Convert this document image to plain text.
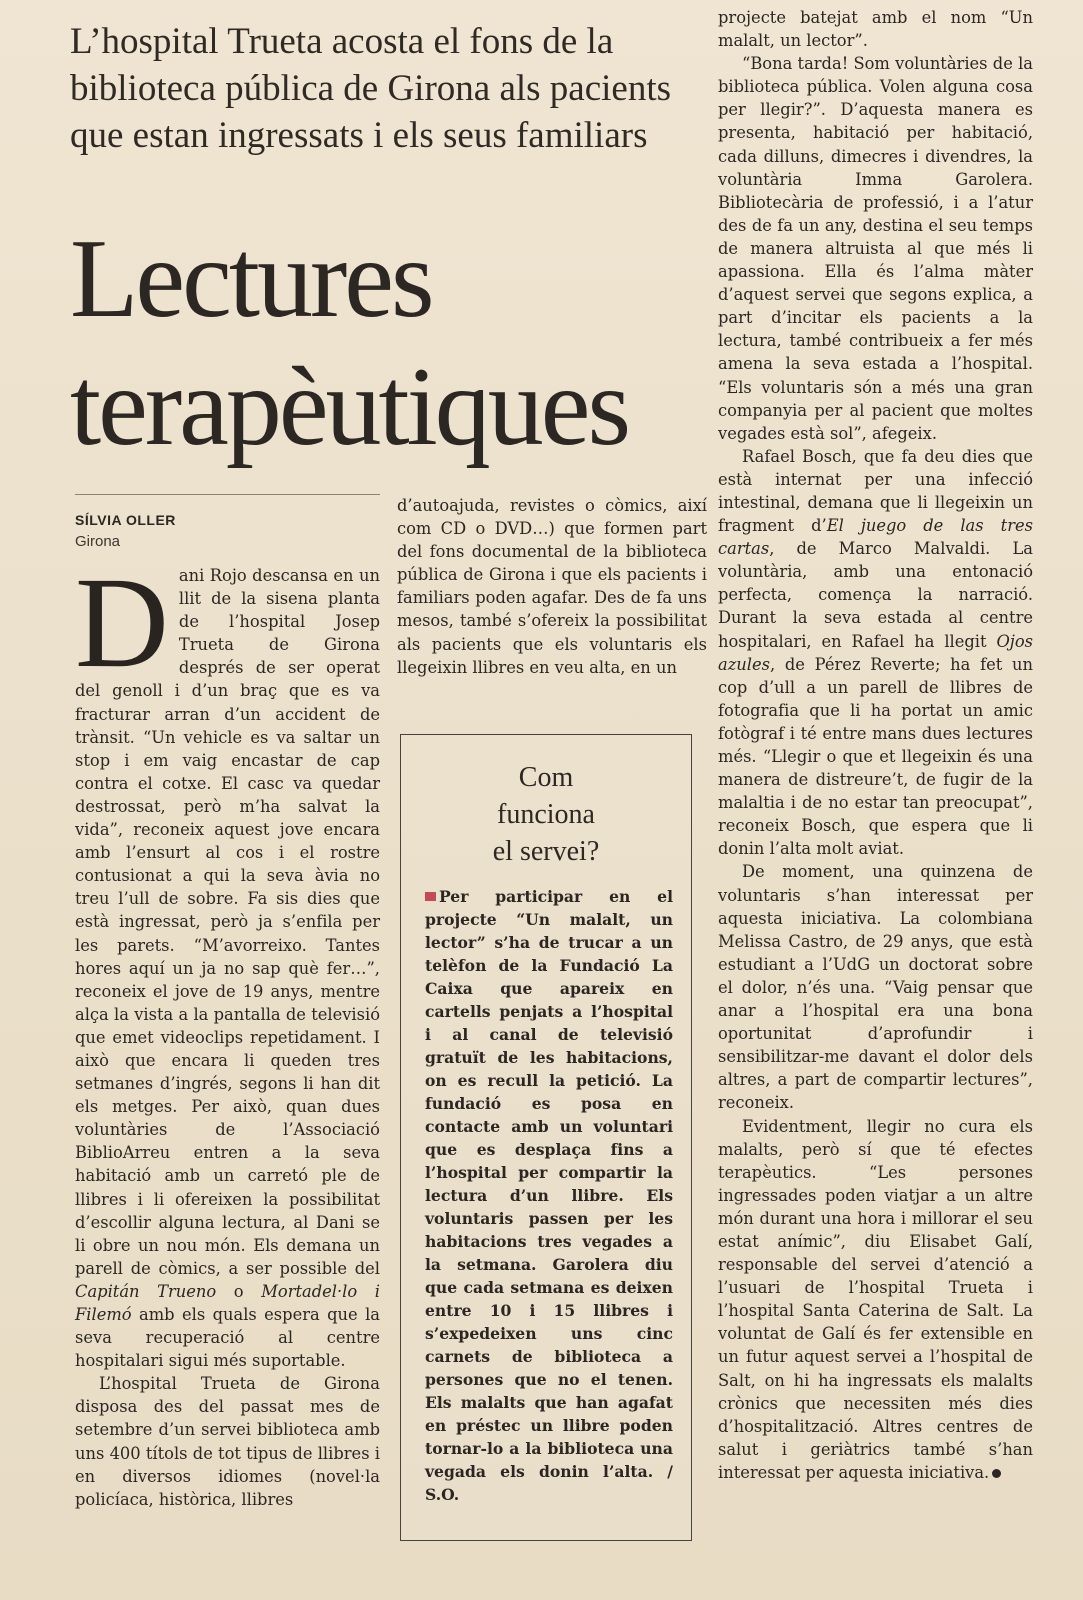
L’hospital Trueta acosta el fons de la biblioteca pública de Girona als pacients que estan ingressats i els seus familiars
Lectures
terapèutiques
SÍLVIA OLLER
Girona

Dani Rojo descansa en un llit de la sisena planta de l’hospital Josep Trueta de Girona després de ser operat del genoll i d’un braç que es va fracturar arran d’un accident de trànsit. “Un vehicle es va saltar un stop i em vaig encastar de cap contra el cotxe. El casc va quedar destrossat, però m’ha salvat la vida”, reconeix aquest jove encara amb l’ensurt al cos i el rostre contusionat a qui la seva àvia no treu l’ull de sobre. Fa sis dies que està ingressat, però ja s’enfila per les parets. “M’avorreixo. Tantes hores aquí un ja no sap què fer…”, reconeix el jove de 19 anys, mentre alça la vista a la pantalla de televisió que emet videoclips repetidament. I això que encara li queden tres setmanes d’ingrés, segons li han dit els metges. Per això, quan dues voluntàries de l’Associació BiblioArreu entren a la seva habitació amb un carretó ple de llibres i li ofereixen la possibilitat d’escollir alguna lectura, al Dani se li obre un nou món. Els demana un parell de còmics, a ser possible del Capitán Trueno o Mortadel·lo i Filemó amb els quals espera que la seva recuperació al centre hospitalari sigui més suportable.

L’hospital Trueta de Girona disposa des del passat mes de setembre d’un servei biblioteca amb uns 400 títols de tot tipus de llibres i en diversos idiomes (novel·la policíaca, històrica, llibres

d’autoajuda, revistes o còmics, així com CD o DVD…) que formen part del fons documental de la biblioteca pública de Girona i que els pacients i familiars poden agafar. Des de fa uns mesos, també s’ofereix la possibilitat als pacients que els voluntaris els llegeixin llibres en veu alta, en un

Com
funciona
el servei?
Per participar en el projecte “Un malalt, un lector” s’ha de trucar a un telèfon de la Fundació La Caixa que apareix en cartells penjats a l’hospital i al canal de televisió gratuït de les habitacions, on es recull la petició. La fundació es posa en contacte amb un voluntari que es desplaça fins a l’hospital per compartir la lectura d’un llibre. Els voluntaris passen per les habitacions tres vegades a la setmana. Garolera diu que cada setmana es deixen entre 10 i 15 llibres i s’expedeixen uns cinc carnets de biblioteca a persones que no el tenen. Els malalts que han agafat en préstec un llibre poden tornar-lo a la biblioteca una vegada els donin l’alta. / S.O.

projecte batejat amb el nom “Un malalt, un lector”.

“Bona tarda! Som voluntàries de la biblioteca pública. Volen alguna cosa per llegir?”. D’aquesta manera es presenta, habitació per habitació, cada dilluns, dimecres i divendres, la voluntària Imma Garolera. Bibliotecària de professió, i a l’atur des de fa un any, destina el seu temps de manera altruista al que més li apassiona. Ella és l’alma màter d’aquest servei que segons explica, a part d’incitar els pacients a la lectura, també contribueix a fer més amena la seva estada a l’hospital. “Els voluntaris són a més una gran companyia per al pacient que moltes vegades està sol”, afegeix.

Rafael Bosch, que fa deu dies que està internat per una infecció intestinal, demana que li llegeixin un fragment d’El juego de las tres cartas, de Marco Malvaldi. La voluntària, amb una entonació perfecta, comença la narració. Durant la seva estada al centre hospitalari, en Rafael ha llegit Ojos azules, de Pérez Reverte; ha fet un cop d’ull a un parell de llibres de fotografia que li ha portat un amic fotògraf i té entre mans dues lectures més. “Llegir o que et llegeixin és una manera de distreure’t, de fugir de la malaltia i de no estar tan preocupat”, reconeix Bosch, que espera que li donin l’alta molt aviat.

De moment, una quinzena de voluntaris s’han interessat per aquesta iniciativa. La colombiana Melissa Castro, de 29 anys, que està estudiant a l’UdG un doctorat sobre el dolor, n’és una. “Vaig pensar que anar a l’hospital era una bona oportunitat d’aprofundir i sensibilitzar-me davant el dolor dels altres, a part de compartir lectures”, reconeix.

Evidentment, llegir no cura els malalts, però sí que té efectes terapèutics. “Les persones ingressades poden viatjar a un altre món durant una hora i millorar el seu estat anímic”, diu Elisabet Galí, responsable del servei d’atenció a l’usuari de l’hospital Trueta i l’hospital Santa Caterina de Salt. La voluntat de Galí és fer extensible en un futur aquest servei a l’hospital de Salt, on hi ha ingressats els malalts crònics que necessiten més dies d’hospitalització. Altres centres de salut i geriàtrics també s’han interessat per aquesta iniciativa.
